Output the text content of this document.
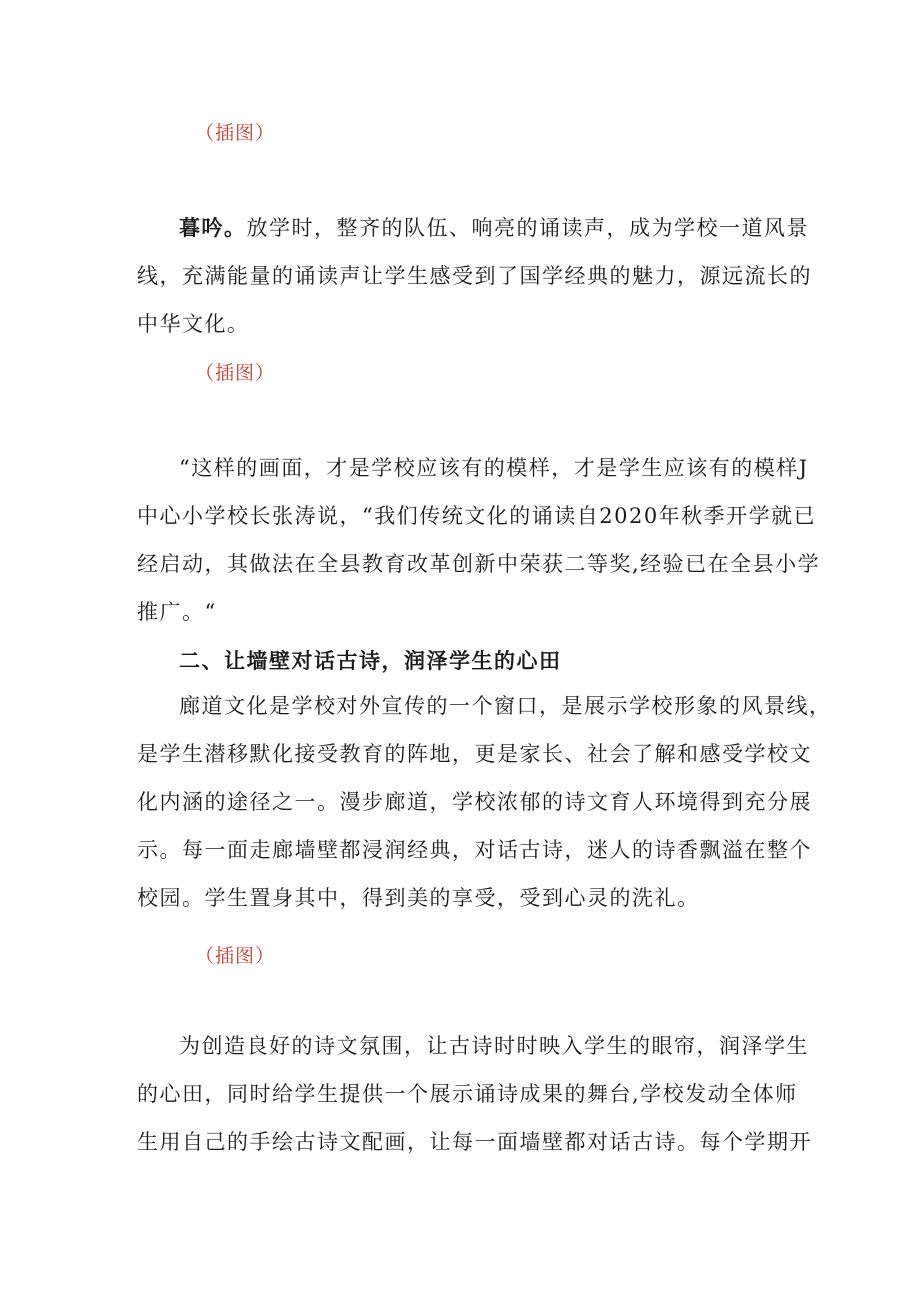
（插图）

暮吟。放学时，整齐的队伍、响亮的诵读声，成为学校一道风景
线，充满能量的诵读声让学生感受到了国学经典的魅力，源远流长的
中华文化。

（插图）

“这样的画面，才是学校应该有的模样，才是学生应该有的模样J
中心小学校长张涛说，“我们传统文化的诵读自2020年秋季开学就已
经启动，其做法在全县教育改革创新中荣获二等奖,经验已在全县小学
推广。“

二、让墙壁对话古诗，润泽学生的心田

廊道文化是学校对外宣传的一个窗口，是展示学校形象的风景线，
是学生潜移默化接受教育的阵地，更是家长、社会了解和感受学校文
化内涵的途径之一。漫步廊道，学校浓郁的诗文育人环境得到充分展
示。每一面走廊墙壁都浸润经典，对话古诗，迷人的诗香飘溢在整个
校园。学生置身其中，得到美的享受，受到心灵的洗礼。

（插图）

为创造良好的诗文氛围，让古诗时时映入学生的眼帘，润泽学生
的心田，同时给学生提供一个展示诵诗成果的舞台,学校发动全体师
生用自己的手绘古诗文配画，让每一面墙壁都对话古诗。每个学期开
